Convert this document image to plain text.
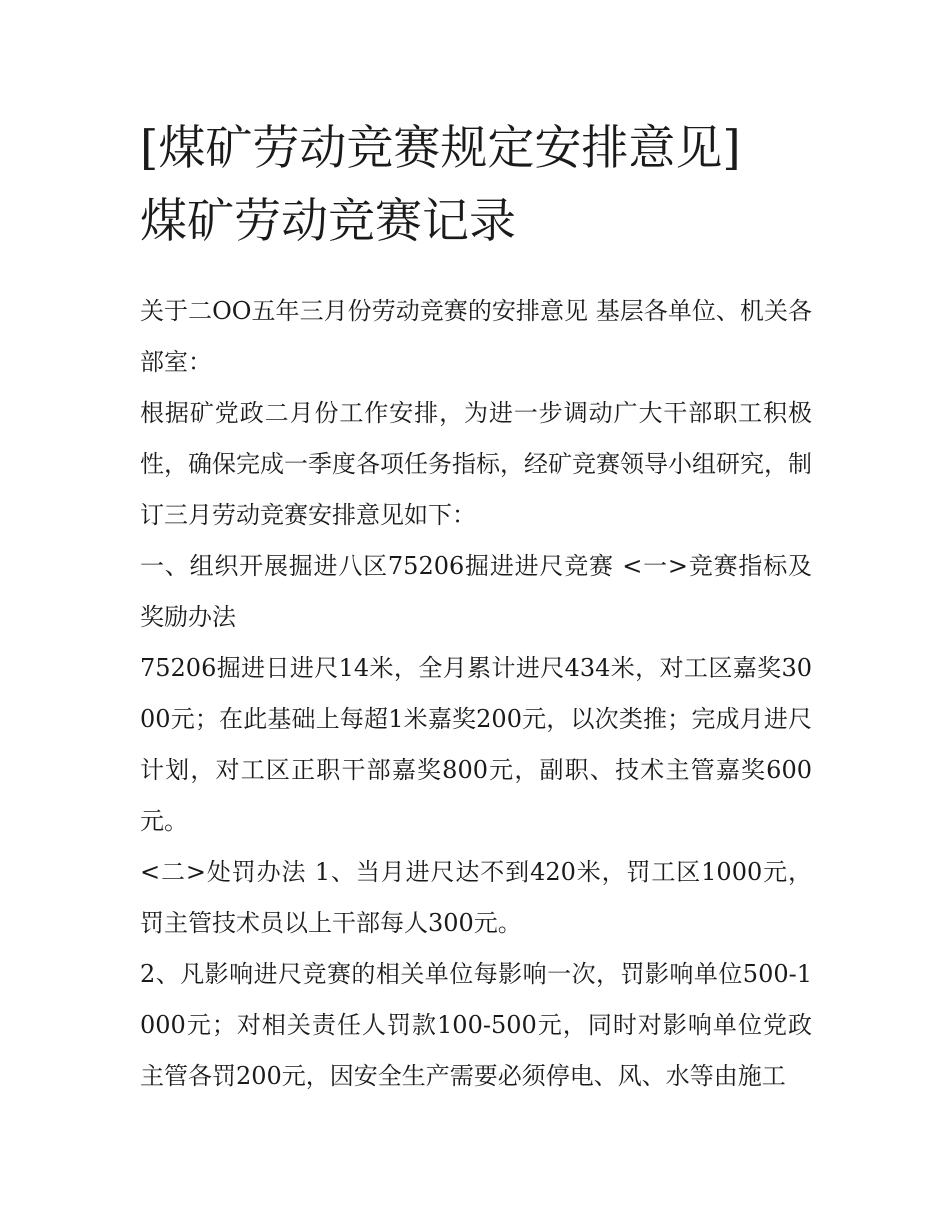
[煤矿劳动竞赛规定安排意见]
煤矿劳动竞赛记录

关于二OO五年三月份劳动竞赛的安排意见 基层各单位、机关各部室：

根据矿党政二月份工作安排，为进一步调动广大干部职工积极性，确保完成一季度各项任务指标，经矿竞赛领导小组研究，制订三月劳动竞赛安排意见如下：

一、组织开展掘进八区75206掘进进尺竞赛 <一>竞赛指标及奖励办法

75206掘进日进尺14米，全月累计进尺434米，对工区嘉奖3000元；在此基础上每超1米嘉奖200元，以次类推；完成月进尺计划，对工区正职干部嘉奖800元，副职、技术主管嘉奖600元。

<二>处罚办法 1、当月进尺达不到420米，罚工区1000元，罚主管技术员以上干部每人300元。

2、凡影响进尺竞赛的相关单位每影响一次，罚影响单位500-1000元；对相关责任人罚款100-500元，同时对影响单位党政主管各罚200元，因安全生产需要必须停电、风、水等由施工
